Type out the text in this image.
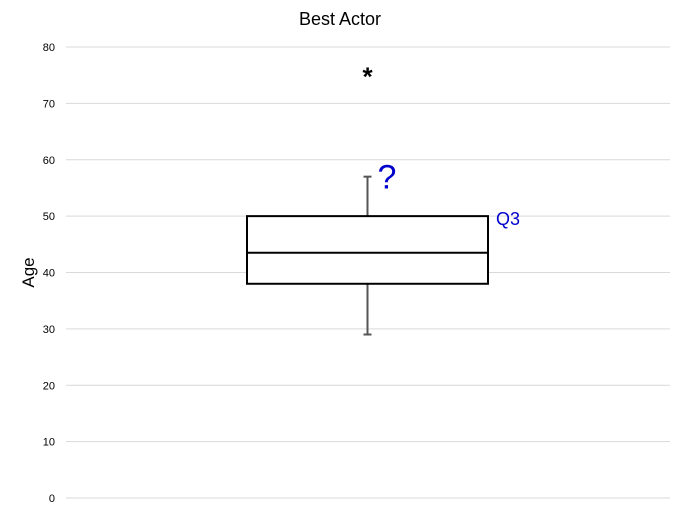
Best Actor
Age
0
10
20
30
40
50
60
70
80
*
Q3
?
